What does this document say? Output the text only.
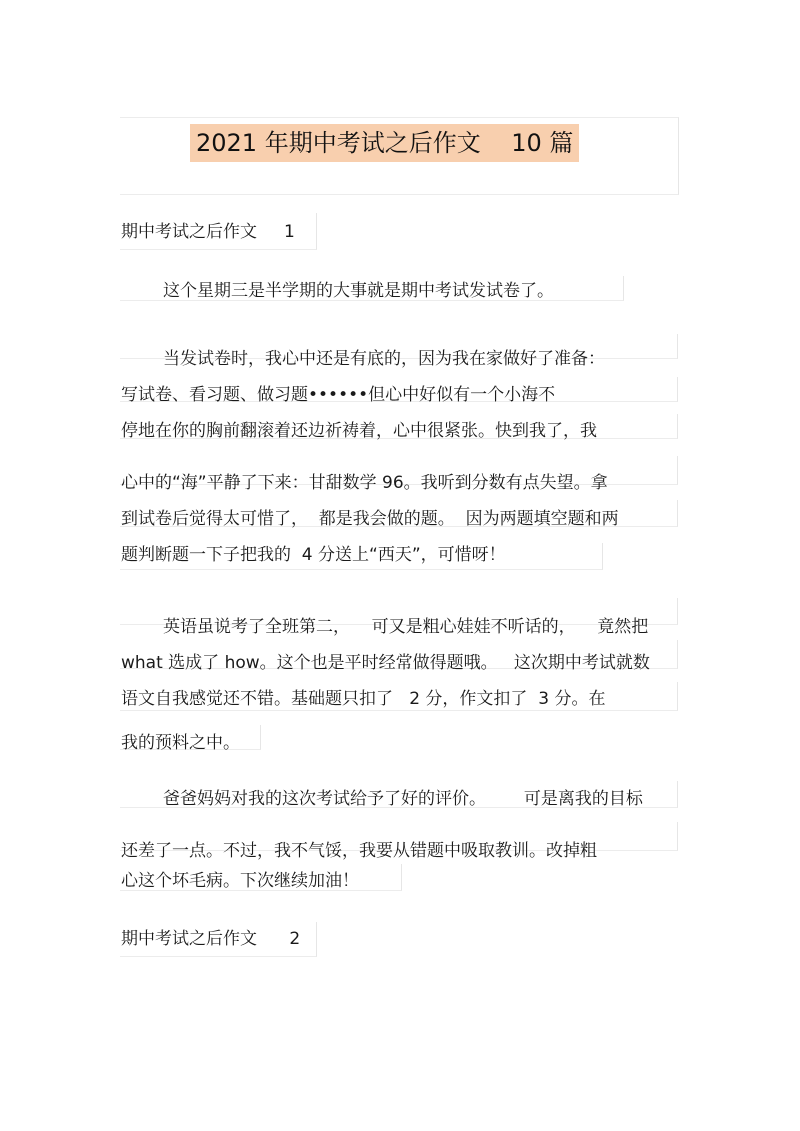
2021 年期中考试之后作文    10 篇
期中考试之后作文     1
这个星期三是半学期的大事就是期中考试发试卷了。
当发试卷时，我心中还是有底的，因为我在家做好了准备：
写试卷、看习题、做习题••••••但心中好似有一个小海不
停地在你的胸前翻滚着还边祈祷着，心中很紧张。快到我了，我
心中的“海”平静了下来：甘甜数学 96。我听到分数有点失望。拿
到试卷后觉得太可惜了，  都是我会做的题。  因为两题填空题和两
题判断题一下子把我的  4 分送上“西天”，可惜呀！
英语虽说考了全班第二，    可又是粗心娃娃不听话的，    竟然把
what 选成了 how。这个也是平时经常做得题哦。   这次期中考试就数
语文自我感觉还不错。基础题只扣了   2 分，作文扣了  3 分。在
我的预料之中。
爸爸妈妈对我的这次考试给予了好的评价。       可是离我的目标
还差了一点。不过，我不气馁，我要从错题中吸取教训。改掉粗
心这个坏毛病。下次继续加油！
期中考试之后作文      2
